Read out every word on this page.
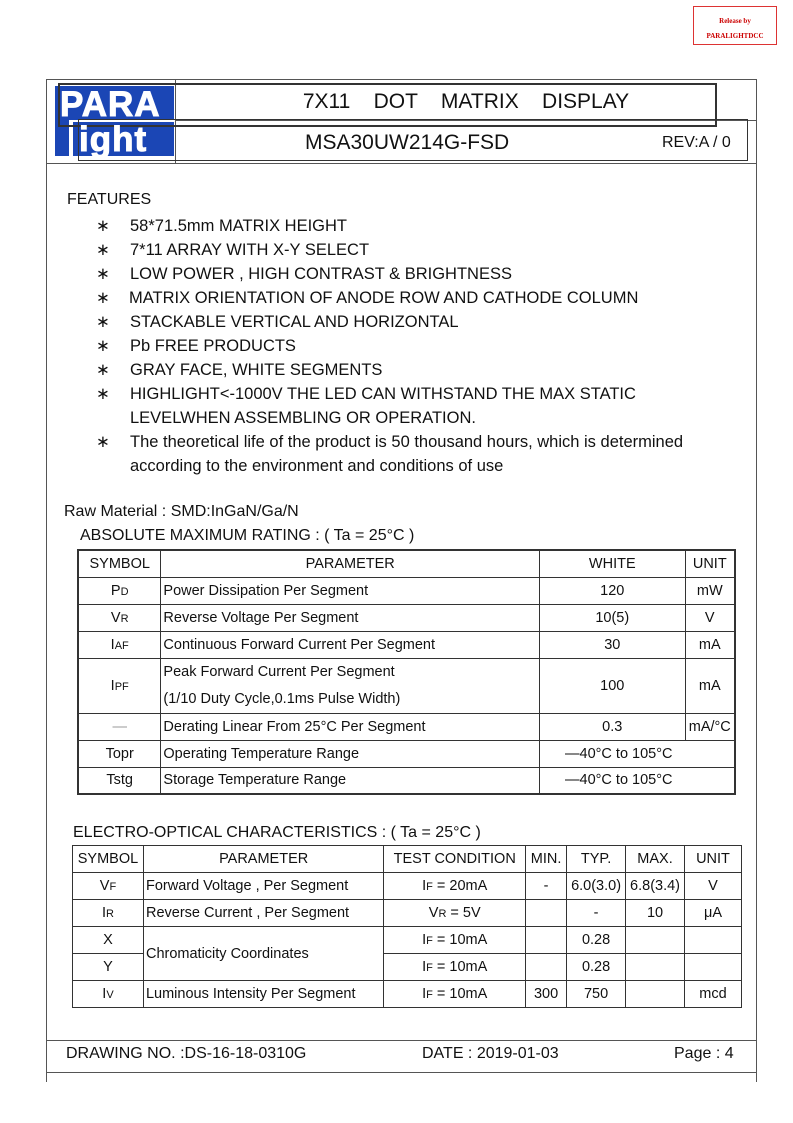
Release by
PARALIGHTDCC
PARA
ight
7X11    DOT    MATRIX    DISPLAY
MSA30UW214G-FSD	REV:A / 0
FEATURES
∗	58*71.5mm MATRIX HEIGHT
∗	7*11 ARRAY WITH X-Y SELECT
∗	LOW POWER , HIGH CONTRAST & BRIGHTNESS
∗	MATRIX ORIENTATION OF ANODE ROW AND CATHODE COLUMN
∗	STACKABLE VERTICAL AND HORIZONTAL
∗	Pb FREE PRODUCTS
∗	GRAY FACE, WHITE SEGMENTS
∗	HIGHLIGHT<-1000V THE LED CAN WITHSTAND THE MAX STATIC
LEVELWHEN ASSEMBLING OR OPERATION.
∗	The theoretical life of the product is 50 thousand hours, which is determined
according to the environment and conditions of use
Raw Material : SMD:InGaN/Ga/N
ABSOLUTE MAXIMUM RATING : ( Ta = 25°C )
SYMBOL	PARAMETER	WHITE	UNIT
PD	Power Dissipation Per Segment	120	mW
VR	Reverse Voltage Per Segment	10(5)	V
IAF	Continuous Forward Current Per Segment	30	mA
IPF	Peak Forward Current Per Segment
(1/10 Duty Cycle,0.1ms Pulse Width)	100	mA
—	Derating Linear From 25°C Per Segment	0.3	mA/°C
Topr	Operating Temperature Range	—40°C to 105°C	
Tstg	Storage Temperature Range	—40°C to 105°C	
ELECTRO-OPTICAL CHARACTERISTICS : ( Ta = 25°C )
SYMBOL	PARAMETER	TEST CONDITION	MIN.	TYP.	MAX.	UNIT
VF	Forward Voltage , Per Segment	IF = 20mA	-	6.0(3.0)	6.8(3.4)	V
IR	Reverse Current , Per Segment	VR = 5V		-	10	μA
X	Chromaticity Coordinates	IF = 10mA		0.28		
Y		IF = 10mA		0.28		
IV	Luminous Intensity Per Segment	IF = 10mA	300	750		mcd
DRAWING NO. :DS-16-18-0310G	DATE : 2019-01-03	Page : 4
